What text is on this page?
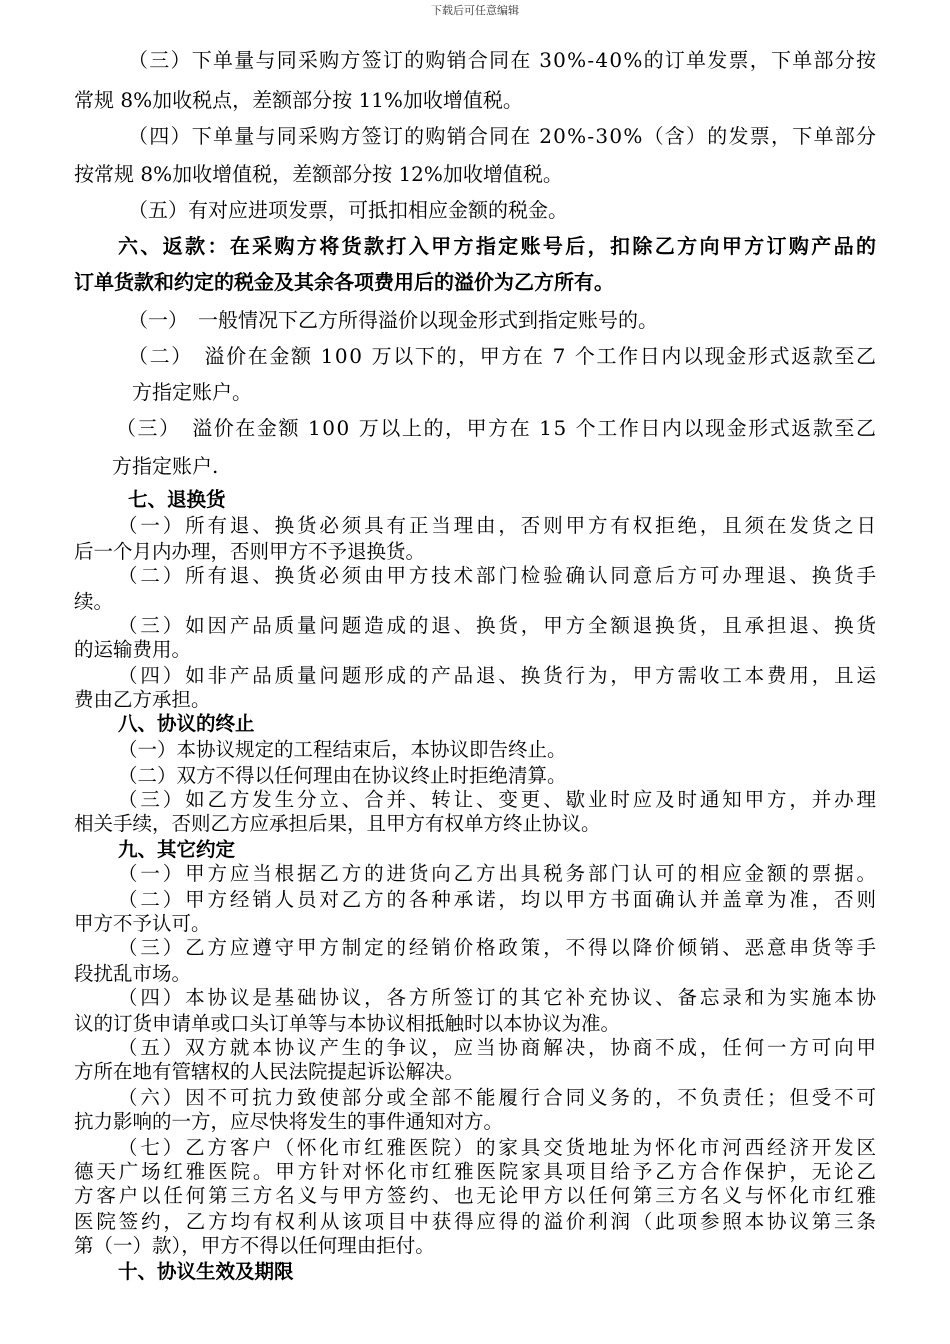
下载后可任意编辑
（三）下单量与同采购方签订的购销合同在 30%-40%的订单发票，下单部分按
常规 8%加收税点，差额部分按 11%加收增值税。
（四）下单量与同采购方签订的购销合同在 20%-30%（含）的发票，下单部分
按常规 8%加收增值税，差额部分按 12%加收增值税。
（五）有对应进项发票，可抵扣相应金额的税金。
六、返款：在采购方将货款打入甲方指定账号后，扣除乙方向甲方订购产品的
订单货款和约定的税金及其余各项费用后的溢价为乙方所有。
（一）　一般情况下乙方所得溢价以现金形式到指定账号的。
（二）　溢价在金额 100 万以下的，甲方在 7 个工作日内以现金形式返款至乙
方指定账户。
（三）　溢价在金额 100 万以上的，甲方在 15 个工作日内以现金形式返款至乙
方指定账户.
七、退换货
（一）所有退、换货必须具有正当理由，否则甲方有权拒绝，且须在发货之日
后一个月内办理，否则甲方不予退换货。
（二）所有退、换货必须由甲方技术部门检验确认同意后方可办理退、换货手
续。
（三）如因产品质量问题造成的退、换货，甲方全额退换货，且承担退、换货
的运输费用。
（四）如非产品质量问题形成的产品退、换货行为，甲方需收工本费用，且运
费由乙方承担。
八、协议的终止
（一）本协议规定的工程结束后，本协议即告终止。
（二）双方不得以任何理由在协议终止时拒绝清算。
（三）如乙方发生分立、合并、转让、变更、歇业时应及时通知甲方，并办理
相关手续，否则乙方应承担后果，且甲方有权单方终止协议。
九、其它约定
（一）甲方应当根据乙方的进货向乙方出具税务部门认可的相应金额的票据。
（二）甲方经销人员对乙方的各种承诺，均以甲方书面确认并盖章为准，否则
甲方不予认可。
（三）乙方应遵守甲方制定的经销价格政策，不得以降价倾销、恶意串货等手
段扰乱市场。
（四）本协议是基础协议，各方所签订的其它补充协议、备忘录和为实施本协
议的订货申请单或口头订单等与本协议相抵触时以本协议为准。
（五）双方就本协议产生的争议，应当协商解决，协商不成，任何一方可向甲
方所在地有管辖权的人民法院提起诉讼解决。
（六）因不可抗力致使部分或全部不能履行合同义务的，不负责任；但受不可
抗力影响的一方，应尽快将发生的事件通知对方。
（七）乙方客户（怀化市红雅医院）的家具交货地址为怀化市河西经济开发区
德天广场红雅医院。甲方针对怀化市红雅医院家具项目给予乙方合作保护，无论乙
方客户以任何第三方名义与甲方签约、也无论甲方以任何第三方名义与怀化市红雅
医院签约，乙方均有权利从该项目中获得应得的溢价利润（此项参照本协议第三条
第（一）款），甲方不得以任何理由拒付。
十、协议生效及期限
